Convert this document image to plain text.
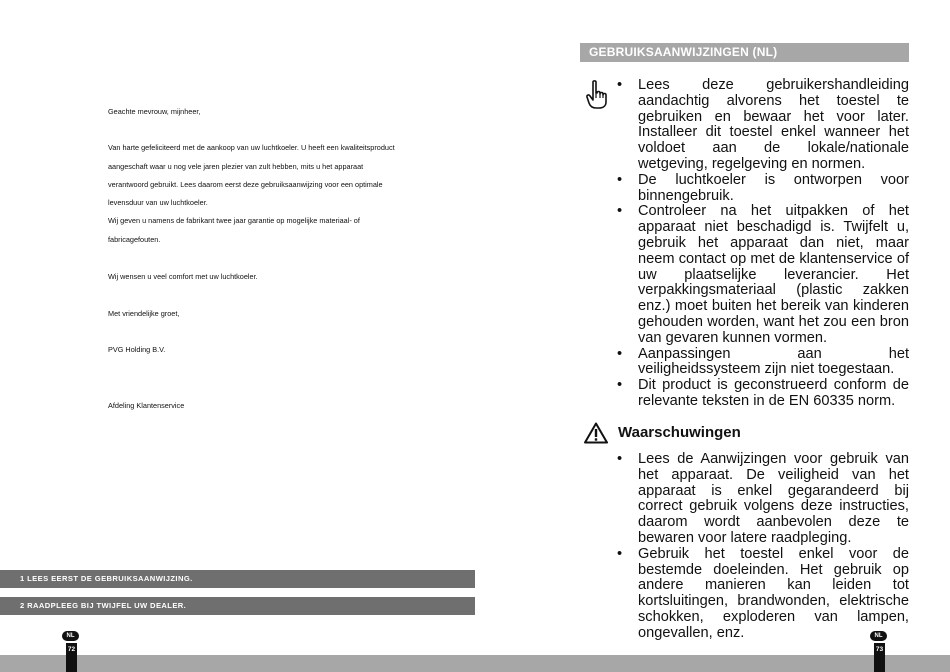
Geachte mevrouw, mijnheer,

Van harte gefeliciteerd met de aankoop van uw luchtkoeler. U heeft een kwaliteitsproduct

aangeschaft waar u nog vele jaren plezier van zult hebben, mits u het apparaat

verantwoord gebruikt. Lees daarom eerst deze gebruiksaanwijzing voor een optimale

levensduur van uw luchtkoeler.

Wij geven u namens de fabrikant twee jaar garantie op mogelijke materiaal- of

fabricagefouten.

Wij wensen u veel comfort met uw luchtkoeler.

Met vriendelijke groet,

PVG Holding B.V.

Afdeling Klantenservice

1 LEES EERST DE GEBRUIKSAANWIJZING.
2 RAADPLEEG BIJ TWIJFEL UW DEALER.
NL
72
NL
73
GEBRUIKSAANWIJZINGEN (NL)
• Lees deze gebruikershandleiding aandachtig alvorens het toestel te gebruiken en bewaar het voor later. Installeer dit toestel enkel wanneer het voldoet aan de lokale/nationale wetgeving, regelgeving en normen.
• De luchtkoeler is ontworpen voor binnengebruik.
• Controleer na het uitpakken of het apparaat niet beschadigd is. Twijfelt u, gebruik het apparaat dan niet, maar neem contact op met de klantenservice of uw plaatselijke leverancier. Het verpakkingsmateriaal (plastic zakken enz.) moet buiten het bereik van kinderen gehouden worden, want het zou een bron van gevaren kunnen vormen.
• Aanpassingen aan het veiligheidssysteem zijn niet toegestaan.
• Dit product is geconstrueerd conform de relevante teksten in de EN 60335 norm.
Waarschuwingen
• Lees de Aanwijzingen voor gebruik van het apparaat. De veiligheid van het apparaat is enkel gegarandeerd bij correct gebruik volgens deze instructies, daarom wordt aanbevolen deze te bewaren voor latere raadpleging.
• Gebruik het toestel enkel voor de bestemde doeleinden. Het gebruik op andere manieren kan leiden tot kortsluitingen, brandwonden, elektrische schokken, exploderen van lampen, ongevallen, enz.
